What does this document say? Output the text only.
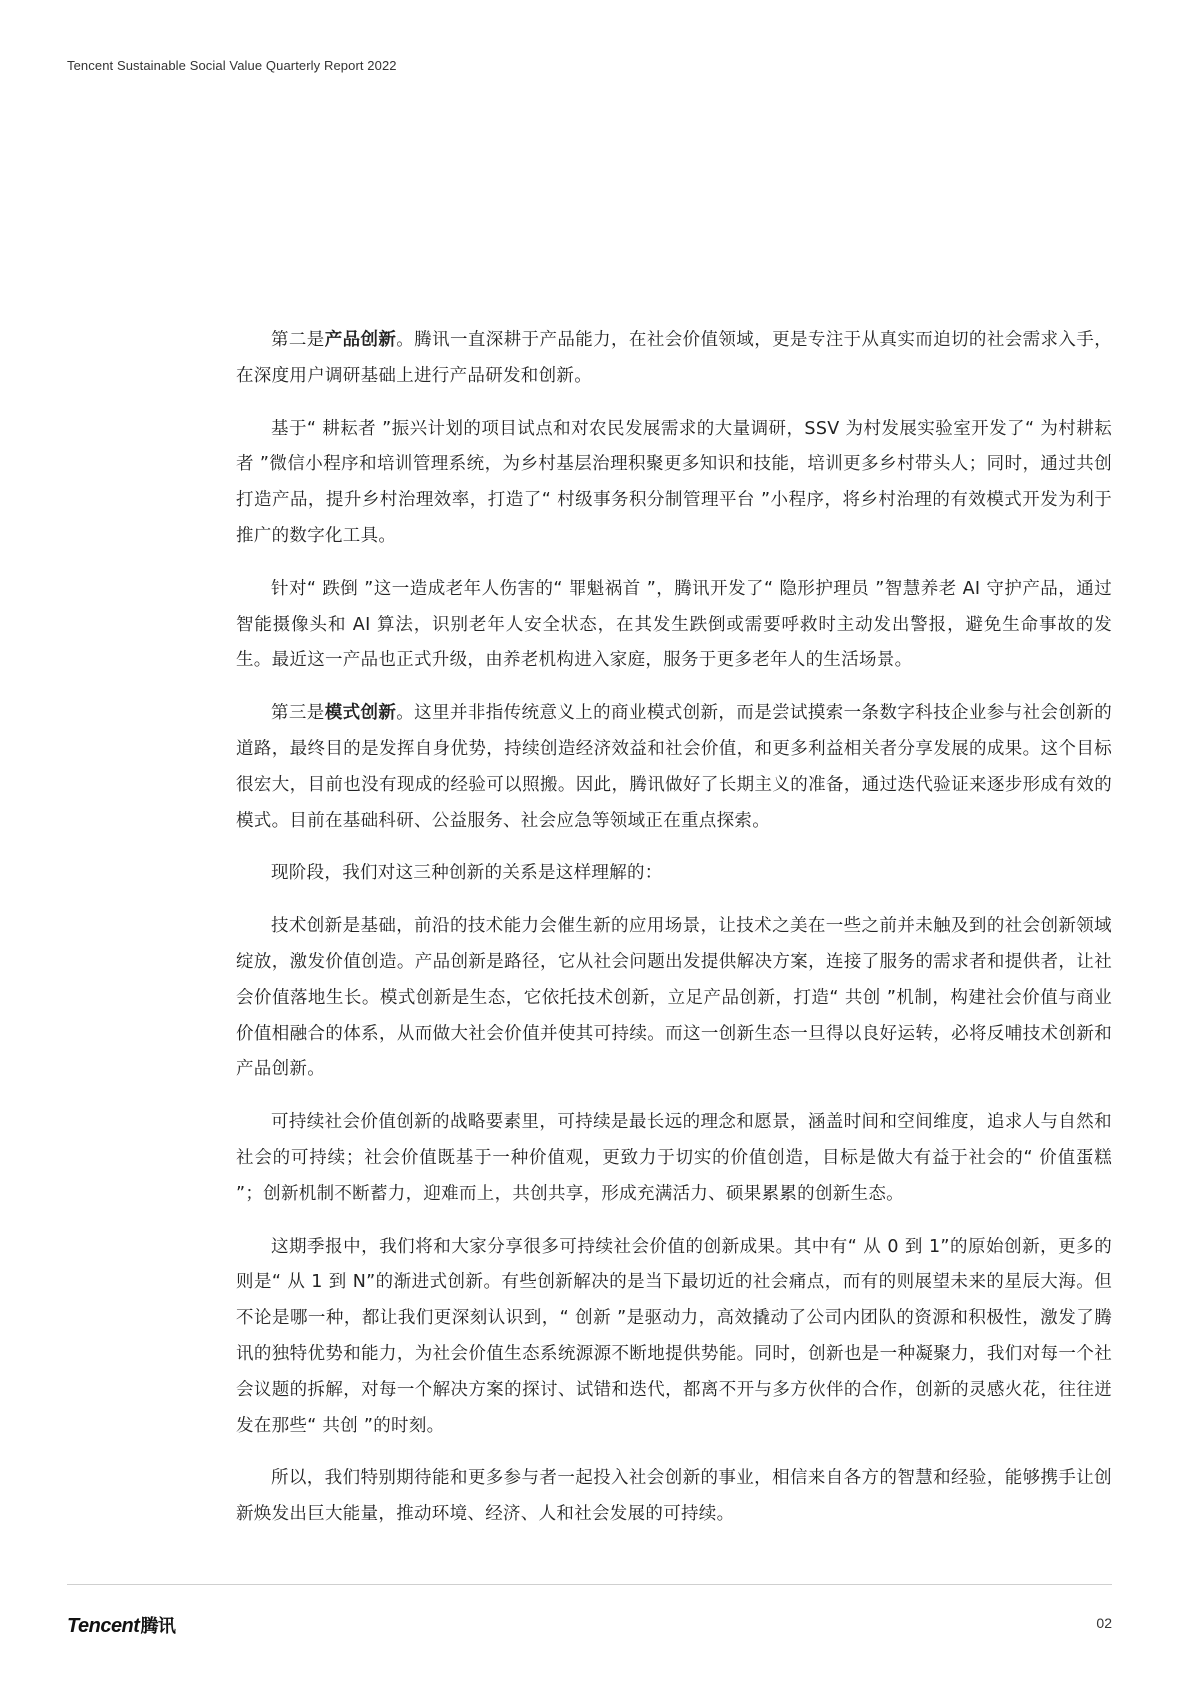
Tencent Sustainable Social Value Quarterly Report 2022

第二是产品创新。腾讯一直深耕于产品能力，在社会价值领域，更是专注于从真实而迫切的社会需求入手，在深度用户调研基础上进行产品研发和创新。

基于“ 耕耘者 ”振兴计划的项目试点和对农民发展需求的大量调研，SSV 为村发展实验室开发了“ 为村耕耘者 ”微信小程序和培训管理系统，为乡村基层治理积聚更多知识和技能，培训更多乡村带头人；同时，通过共创打造产品，提升乡村治理效率，打造了“ 村级事务积分制管理平台 ”小程序，将乡村治理的有效模式开发为利于推广的数字化工具。

针对“ 跌倒 ”这一造成老年人伤害的“ 罪魁祸首 ”，腾讯开发了“ 隐形护理员 ”智慧养老 AI 守护产品，通过智能摄像头和 AI 算法，识别老年人安全状态，在其发生跌倒或需要呼救时主动发出警报，避免生命事故的发生。最近这一产品也正式升级，由养老机构进入家庭，服务于更多老年人的生活场景。

第三是模式创新。这里并非指传统意义上的商业模式创新，而是尝试摸索一条数字科技企业参与社会创新的道路，最终目的是发挥自身优势，持续创造经济效益和社会价值，和更多利益相关者分享发展的成果。这个目标很宏大，目前也没有现成的经验可以照搬。因此，腾讯做好了长期主义的准备，通过迭代验证来逐步形成有效的模式。目前在基础科研、公益服务、社会应急等领域正在重点探索。

现阶段，我们对这三种创新的关系是这样理解的：

技术创新是基础，前沿的技术能力会催生新的应用场景，让技术之美在一些之前并未触及到的社会创新领域绽放，激发价值创造。产品创新是路径，它从社会问题出发提供解决方案，连接了服务的需求者和提供者，让社会价值落地生长。模式创新是生态，它依托技术创新，立足产品创新，打造“ 共创 ”机制，构建社会价值与商业价值相融合的体系，从而做大社会价值并使其可持续。而这一创新生态一旦得以良好运转，必将反哺技术创新和产品创新。

可持续社会价值创新的战略要素里，可持续是最长远的理念和愿景，涵盖时间和空间维度，追求人与自然和社会的可持续；社会价值既基于一种价值观，更致力于切实的价值创造，目标是做大有益于社会的“ 价值蛋糕 ”；创新机制不断蓄力，迎难而上，共创共享，形成充满活力、硕果累累的创新生态。

这期季报中，我们将和大家分享很多可持续社会价值的创新成果。其中有“ 从 0 到 1”的原始创新，更多的则是“ 从 1 到 N”的渐进式创新。有些创新解决的是当下最切近的社会痛点，而有的则展望未来的星辰大海。但不论是哪一种，都让我们更深刻认识到，“ 创新 ”是驱动力，高效撬动了公司内团队的资源和积极性，激发了腾讯的独特优势和能力，为社会价值生态系统源源不断地提供势能。同时，创新也是一种凝聚力，我们对每一个社会议题的拆解，对每一个解决方案的探讨、试错和迭代，都离不开与多方伙伴的合作，创新的灵感火花，往往迸发在那些“ 共创 ”的时刻。

所以，我们特别期待能和更多参与者一起投入社会创新的事业，相信来自各方的智慧和经验，能够携手让创新焕发出巨大能量，推动环境、经济、人和社会发展的可持续。

Tencent腾讯	02
